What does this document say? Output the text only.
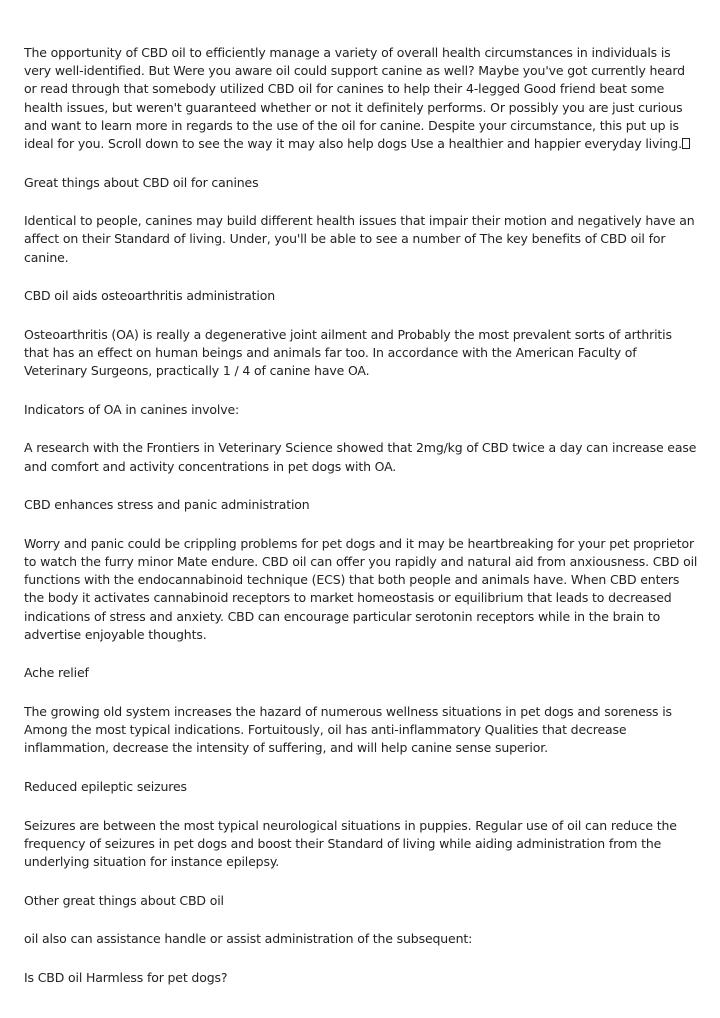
The opportunity of CBD oil to efficiently manage a variety of overall health circumstances in individuals is very well-identified. But Were you aware oil could support canine as well? Maybe you've got currently heard or read through that somebody utilized CBD oil for canines to help their 4-legged Good friend beat some health issues, but weren't guaranteed whether or not it definitely performs. Or possibly you are just curious and want to learn more in regards to the use of the oil for canine. Despite your circumstance, this put up is ideal for you. Scroll down to see the way it may also help dogs Use a healthier and happier everyday living.

Great things about CBD oil for canines

Identical to people, canines may build different health issues that impair their motion and negatively have an affect on their Standard of living. Under, you'll be able to see a number of The key benefits of CBD oil for canine.

CBD oil aids osteoarthritis administration

Osteoarthritis (OA) is really a degenerative joint ailment and Probably the most prevalent sorts of arthritis that has an effect on human beings and animals far too. In accordance with the American Faculty of Veterinary Surgeons, practically 1 / 4 of canine have OA.

Indicators of OA in canines involve:

A research with the Frontiers in Veterinary Science showed that 2mg/kg of CBD twice a day can increase ease and comfort and activity concentrations in pet dogs with OA.

CBD enhances stress and panic administration

Worry and panic could be crippling problems for pet dogs and it may be heartbreaking for your pet proprietor to watch the furry minor Mate endure. CBD oil can offer you rapidly and natural aid from anxiousness. CBD oil functions with the endocannabinoid technique (ECS) that both people and animals have. When CBD enters the body it activates cannabinoid receptors to market homeostasis or equilibrium that leads to decreased indications of stress and anxiety. CBD can encourage particular serotonin receptors while in the brain to advertise enjoyable thoughts.

Ache relief

The growing old system increases the hazard of numerous wellness situations in pet dogs and soreness is Among the most typical indications. Fortuitously, oil has anti-inflammatory Qualities that decrease inflammation, decrease the intensity of suffering, and will help canine sense superior.

Reduced epileptic seizures

Seizures are between the most typical neurological situations in puppies. Regular use of oil can reduce the frequency of seizures in pet dogs and boost their Standard of living while aiding administration from the underlying situation for instance epilepsy.

Other great things about CBD oil

oil also can assistance handle or assist administration of the subsequent:

Is CBD oil Harmless for pet dogs?
